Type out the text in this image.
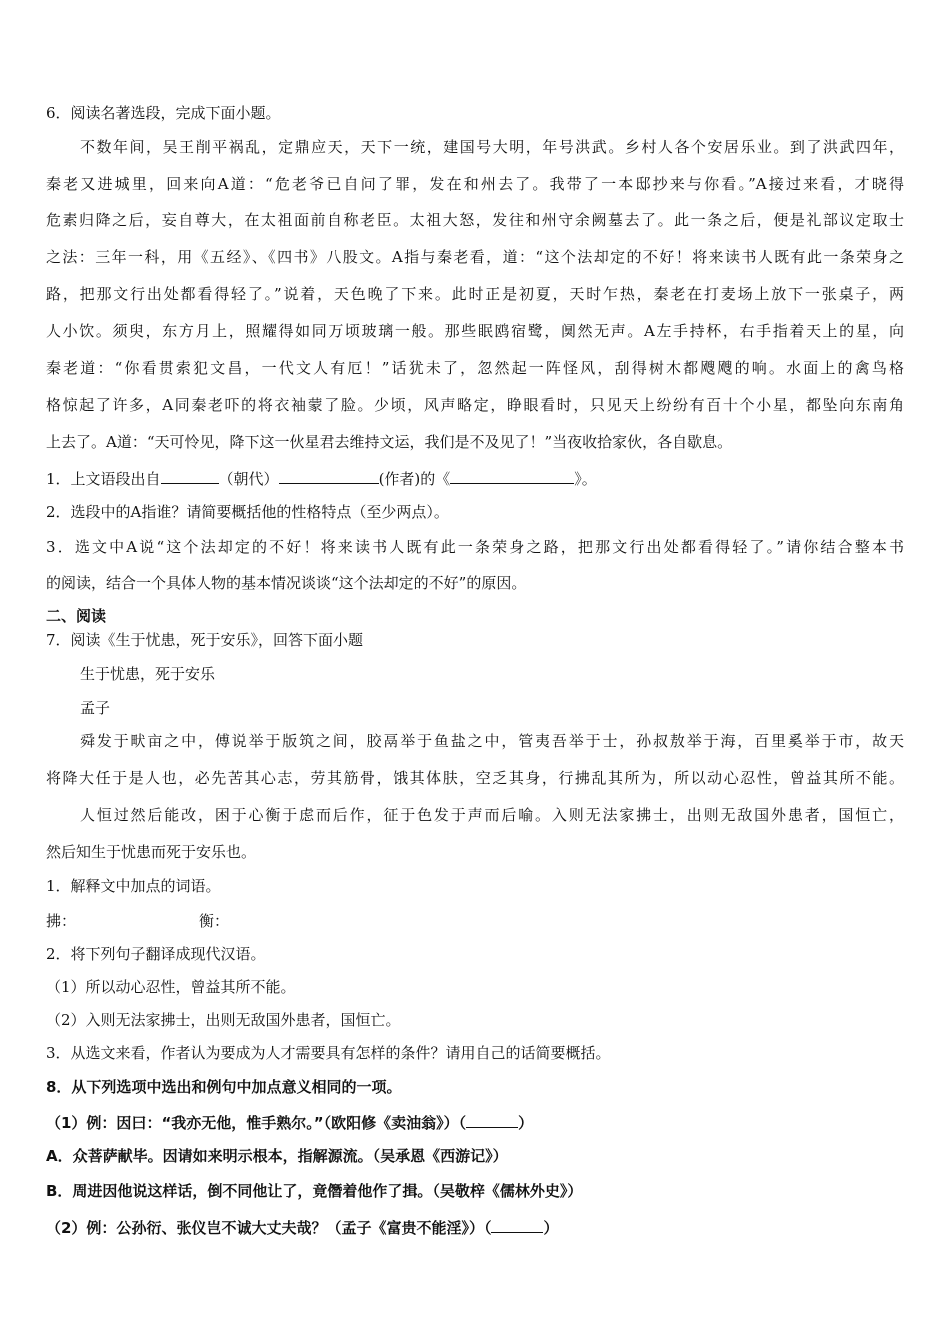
6．阅读名著选段，完成下面小题。
不数年间，吴王削平祸乱，定鼎应天，天下一统，建国号大明，年号洪武。乡村人各个安居乐业。到了洪武四年，
秦老又进城里，回来向A道：“危老爷已自问了罪，发在和州去了。我带了一本邸抄来与你看。”A接过来看，才晓得
危素归降之后，妄自尊大，在太祖面前自称老臣。太祖大怒，发往和州守余阙墓去了。此一条之后，便是礼部议定取士
之法：三年一科，用《五经》、《四书》八股文。A指与秦老看，道：“这个法却定的不好！将来读书人既有此一条荣身之
路，把那文行出处都看得轻了。”说着，天色晚了下来。此时正是初夏，天时乍热，秦老在打麦场上放下一张桌子，两
人小饮。须臾，东方月上，照耀得如同万顷玻璃一般。那些眠鸥宿鹭，阒然无声。A左手持杯，右手指着天上的星，向
秦老道：“你看贯索犯文昌，一代文人有厄！”话犹未了，忽然起一阵怪风，刮得树木都飕飕的响。水面上的禽鸟格
格惊起了许多，A同秦老吓的将衣袖蒙了脸。少顷，风声略定，睁眼看时，只见天上纷纷有百十个小星，都坠向东南角
上去了。A道：“天可怜见，降下这一伙星君去维持文运，我们是不及见了！”当夜收拾家伙，各自歇息。
1．上文语段出自	（朝代）	(作者)的《	》。
2．选段中的A指谁？请简要概括他的性格特点（至少两点）。
3．选文中A说“这个法却定的不好！将来读书人既有此一条荣身之路，把那文行出处都看得轻了。”请你结合整本书
的阅读，结合一个具体人物的基本情况谈谈“这个法却定的不好”的原因。
二、阅读
7．阅读《生于忧患，死于安乐》，回答下面小题
生于忧患，死于安乐
孟子
舜发于畎亩之中，傅说举于版筑之间，胶鬲举于鱼盐之中，管夷吾举于士，孙叔敖举于海，百里奚举于市，故天
将降大任于是人也，必先苦其心志，劳其筋骨，饿其体肤，空乏其身，行拂乱其所为，所以动心忍性，曾益其所不能。
人恒过然后能改，困于心衡于虑而后作，征于色发于声而后喻。入则无法家拂士，出则无敌国外患者，国恒亡，
然后知生于忧患而死于安乐也。
1．解释文中加点的词语。
拂：	衡：
2．将下列句子翻译成现代汉语。
（1）所以动心忍性，曾益其所不能。
（2）入则无法家拂士，出则无敌国外患者，国恒亡。
3．从选文来看，作者认为要成为人才需要具有怎样的条件？请用自己的话简要概括。
8．从下列选项中选出和例句中加点意义相同的一项。
（1）例：因曰：“我亦无他，惟手熟尔。”（欧阳修《卖油翁》）（	）
A．众菩萨献毕。因请如来明示根本，指解源流。（吴承恩《西游记》）
B．周进因他说这样话，倒不同他让了，竟僭着他作了揖。（吴敬梓《儒林外史》）
（2）例：公孙衍、张仪岂不诚大丈夫哉？（孟子《富贵不能淫》）（	）
